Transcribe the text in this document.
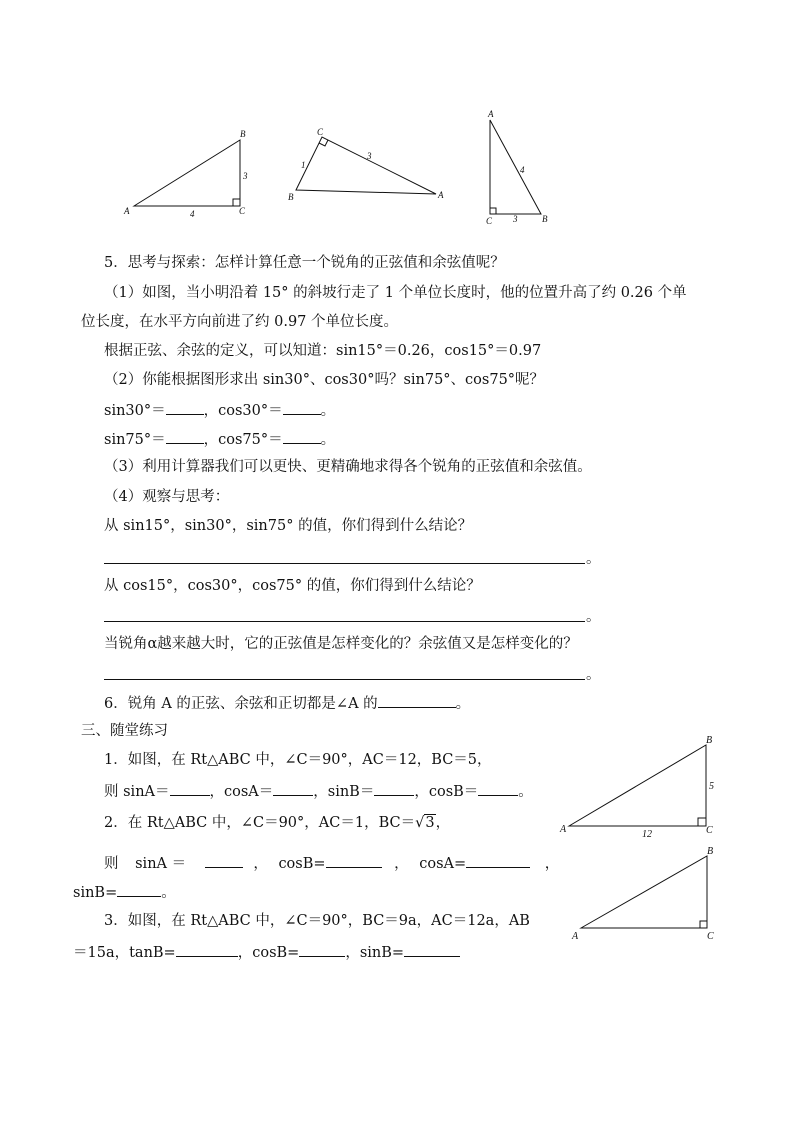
A
B
C
3
4
C
B	A
1
3
A
C	B
4
3
5．思考与探索：怎样计算任意一个锐角的正弦值和余弦值呢？
（1）如图，当小明沿着 15° 的斜坡行走了 1 个单位长度时，他的位置升高了约 0.26 个单
位长度，在水平方向前进了约 0.97 个单位长度。
根据正弦、余弦的定义，可以知道：sin15°＝0.26，cos15°＝0.97
（2）你能根据图形求出 sin30°、cos30°吗？sin75°、cos75°呢？
sin30°＝	，cos30°＝	。
sin75°＝	，cos75°＝	。
（3）利用计算器我们可以更快、更精确地求得各个锐角的正弦值和余弦值。
（4）观察与思考：
从 sin15°，sin30°，sin75° 的值，你们得到什么结论？
。
从 cos15°，cos30°，cos75° 的值，你们得到什么结论？
。
当锐角α越来越大时，它的正弦值是怎样变化的？余弦值又是怎样变化的？
。
6．锐角 A 的正弦、余弦和正切都是∠A 的	。
三、随堂练习
1．如图，在 Rt△ABC 中，∠C＝90°，AC＝12，BC＝5，
则 sinA＝	，cosA＝	，sinB＝	，cosB＝	。
B
A	C
5
12
2．在 Rt△ABC 中，∠C＝90°，AC＝1，BC＝√3，
则 sinA ＝	， cosB=	， cosA=	，
sinB=	。
B
A	C
3．如图，在 Rt△ABC 中，∠C＝90°，BC＝9a，AC＝12a，AB
＝15a，tanB=	，cosB=	，sinB=
